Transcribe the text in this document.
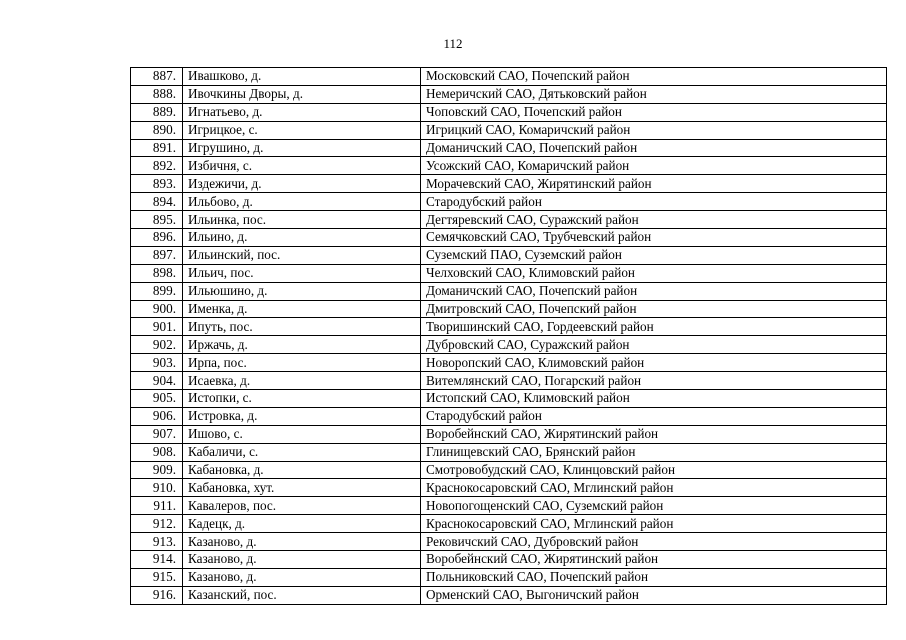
112
887.	Ивашково, д.	Московский САО, Почепский район
888.	Ивочкины Дворы, д.	Немеричский САО, Дятьковский район
889.	Игнатьево, д.	Чоповский САО, Почепский район
890.	Игрицкое, с.	Игрицкий САО, Комаричский район
891.	Игрушино, д.	Доманичский САО, Почепский район
892.	Избичня, с.	Усожский САО, Комаричский район
893.	Издежичи, д.	Морачевский САО, Жирятинский район
894.	Ильбово, д.	Стародубский район
895.	Ильинка, пос.	Дегтяревский САО, Суражский район
896.	Ильино, д.	Семячковский САО, Трубчевский район
897.	Ильинский, пос.	Суземский ПАО, Суземский район
898.	Ильич, пос.	Челховский САО, Климовский район
899.	Ильюшино, д.	Доманичский САО, Почепский район
900.	Именка, д.	Дмитровский САО, Почепский район
901.	Ипуть, пос.	Творишинский САО, Гордеевский район
902.	Иржачь, д.	Дубровский САО, Суражский район
903.	Ирпа, пос.	Новоропский САО, Климовский район
904.	Исаевка, д.	Витемлянский САО, Погарский район
905.	Истопки, с.	Истопский САО, Климовский район
906.	Истровка, д.	Стародубский район
907.	Ишово, с.	Воробейнский САО, Жирятинский район
908.	Кабаличи, с.	Глинищевский САО, Брянский район
909.	Кабановка, д.	Смотровобудский САО, Клинцовский район
910.	Кабановка, хут.	Краснокосаровский САО, Мглинский район
911.	Кавалеров, пос.	Новопогощенский САО, Суземский район
912.	Кадецк, д.	Краснокосаровский САО, Мглинский район
913.	Казаново, д.	Рековичский САО, Дубровский район
914.	Казаново, д.	Воробейнский САО, Жирятинский район
915.	Казаново, д.	Польниковский САО, Почепский район
916.	Казанский, пос.	Орменский САО, Выгоничский район
